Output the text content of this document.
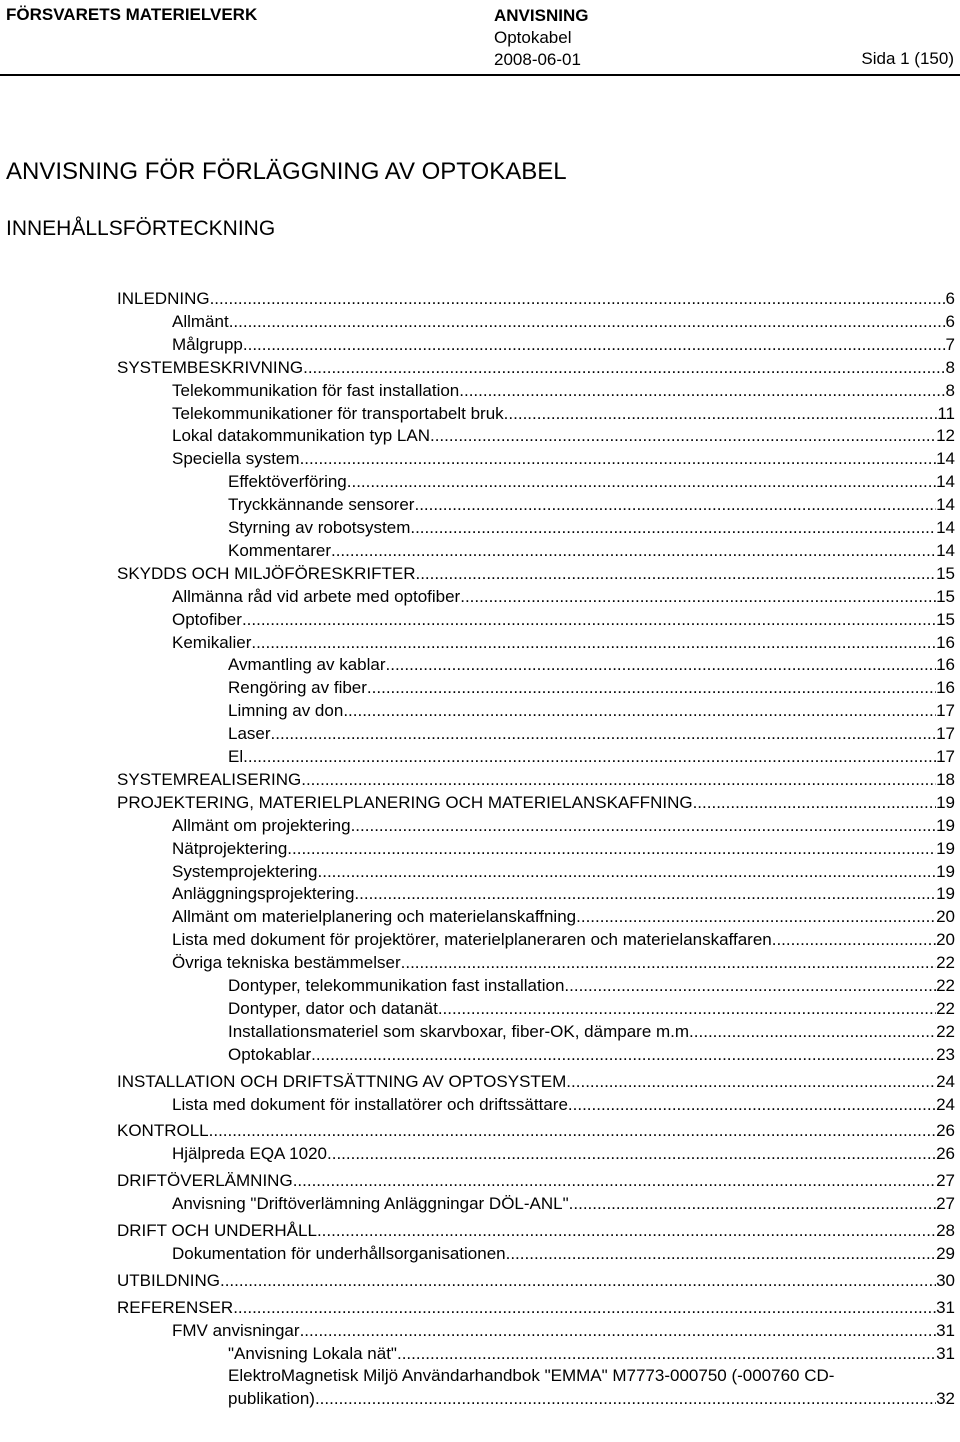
FÖRSVARETS MATERIELVERK	ANVISNING
Optokabel
2008-06-01	Sida 1 (150)
ANVISNING FÖR FÖRLÄGGNING AV OPTOKABEL
INNEHÅLLSFÖRTECKNING
INLEDNING .....	6
Allmänt .....	6
Målgrupp .....	7
SYSTEMBESKRIVNING .....	8
Telekommunikation för fast installation .....	8
Telekommunikationer för transportabelt bruk .....	11
Lokal datakommunikation typ LAN .....	12
Speciella system .....	14
Effektöverföring .....	14
Tryckkännande sensorer .....	14
Styrning av robotsystem .....	14
Kommentarer .....	14
SKYDDS OCH MILJÖFÖRESKRIFTER .....	15
Allmänna råd vid arbete med optofiber .....	15
Optofiber .....	15
Kemikalier .....	16
Avmantling av kablar .....	16
Rengöring av fiber .....	16
Limning av don .....	17
Laser .....	17
El .....	17
SYSTEMREALISERING .....	18
PROJEKTERING, MATERIELPLANERING OCH MATERIELANSKAFFNING .....	19
Allmänt om projektering .....	19
Nätprojektering .....	19
Systemprojektering .....	19
Anläggningsprojektering .....	19
Allmänt om materielplanering och materielanskaffning .....	20
Lista med dokument för projektörer, materielplaneraren och materielanskaffaren .....	20
Övriga tekniska bestämmelser .....	22
Dontyper, telekommunikation fast installation .....	22
Dontyper, dator och datanät .....	22
Installationsmateriel som skarvboxar, fiber-OK, dämpare m.m. .....	22
Optokablar .....	23
INSTALLATION OCH DRIFTSÄTTNING AV OPTOSYSTEM .....	24
Lista med dokument för installatörer och driftssättare .....	24
KONTROLL .....	26
Hjälpreda EQA 1020 .....	26
DRIFTÖVERLÄMNING .....	27
Anvisning "Driftöverlämning Anläggningar DÖL-ANL" .....	27
DRIFT OCH UNDERHÅLL .....	28
Dokumentation för underhållsorganisationen .....	29
UTBILDNING .....	30
REFERENSER .....	31
FMV anvisningar .....	31
"Anvisning Lokala nät" .....	31
ElektroMagnetisk Miljö Användarhandbok "EMMA" M7773-000750 (-000760 CD-
publikation) .....	32
